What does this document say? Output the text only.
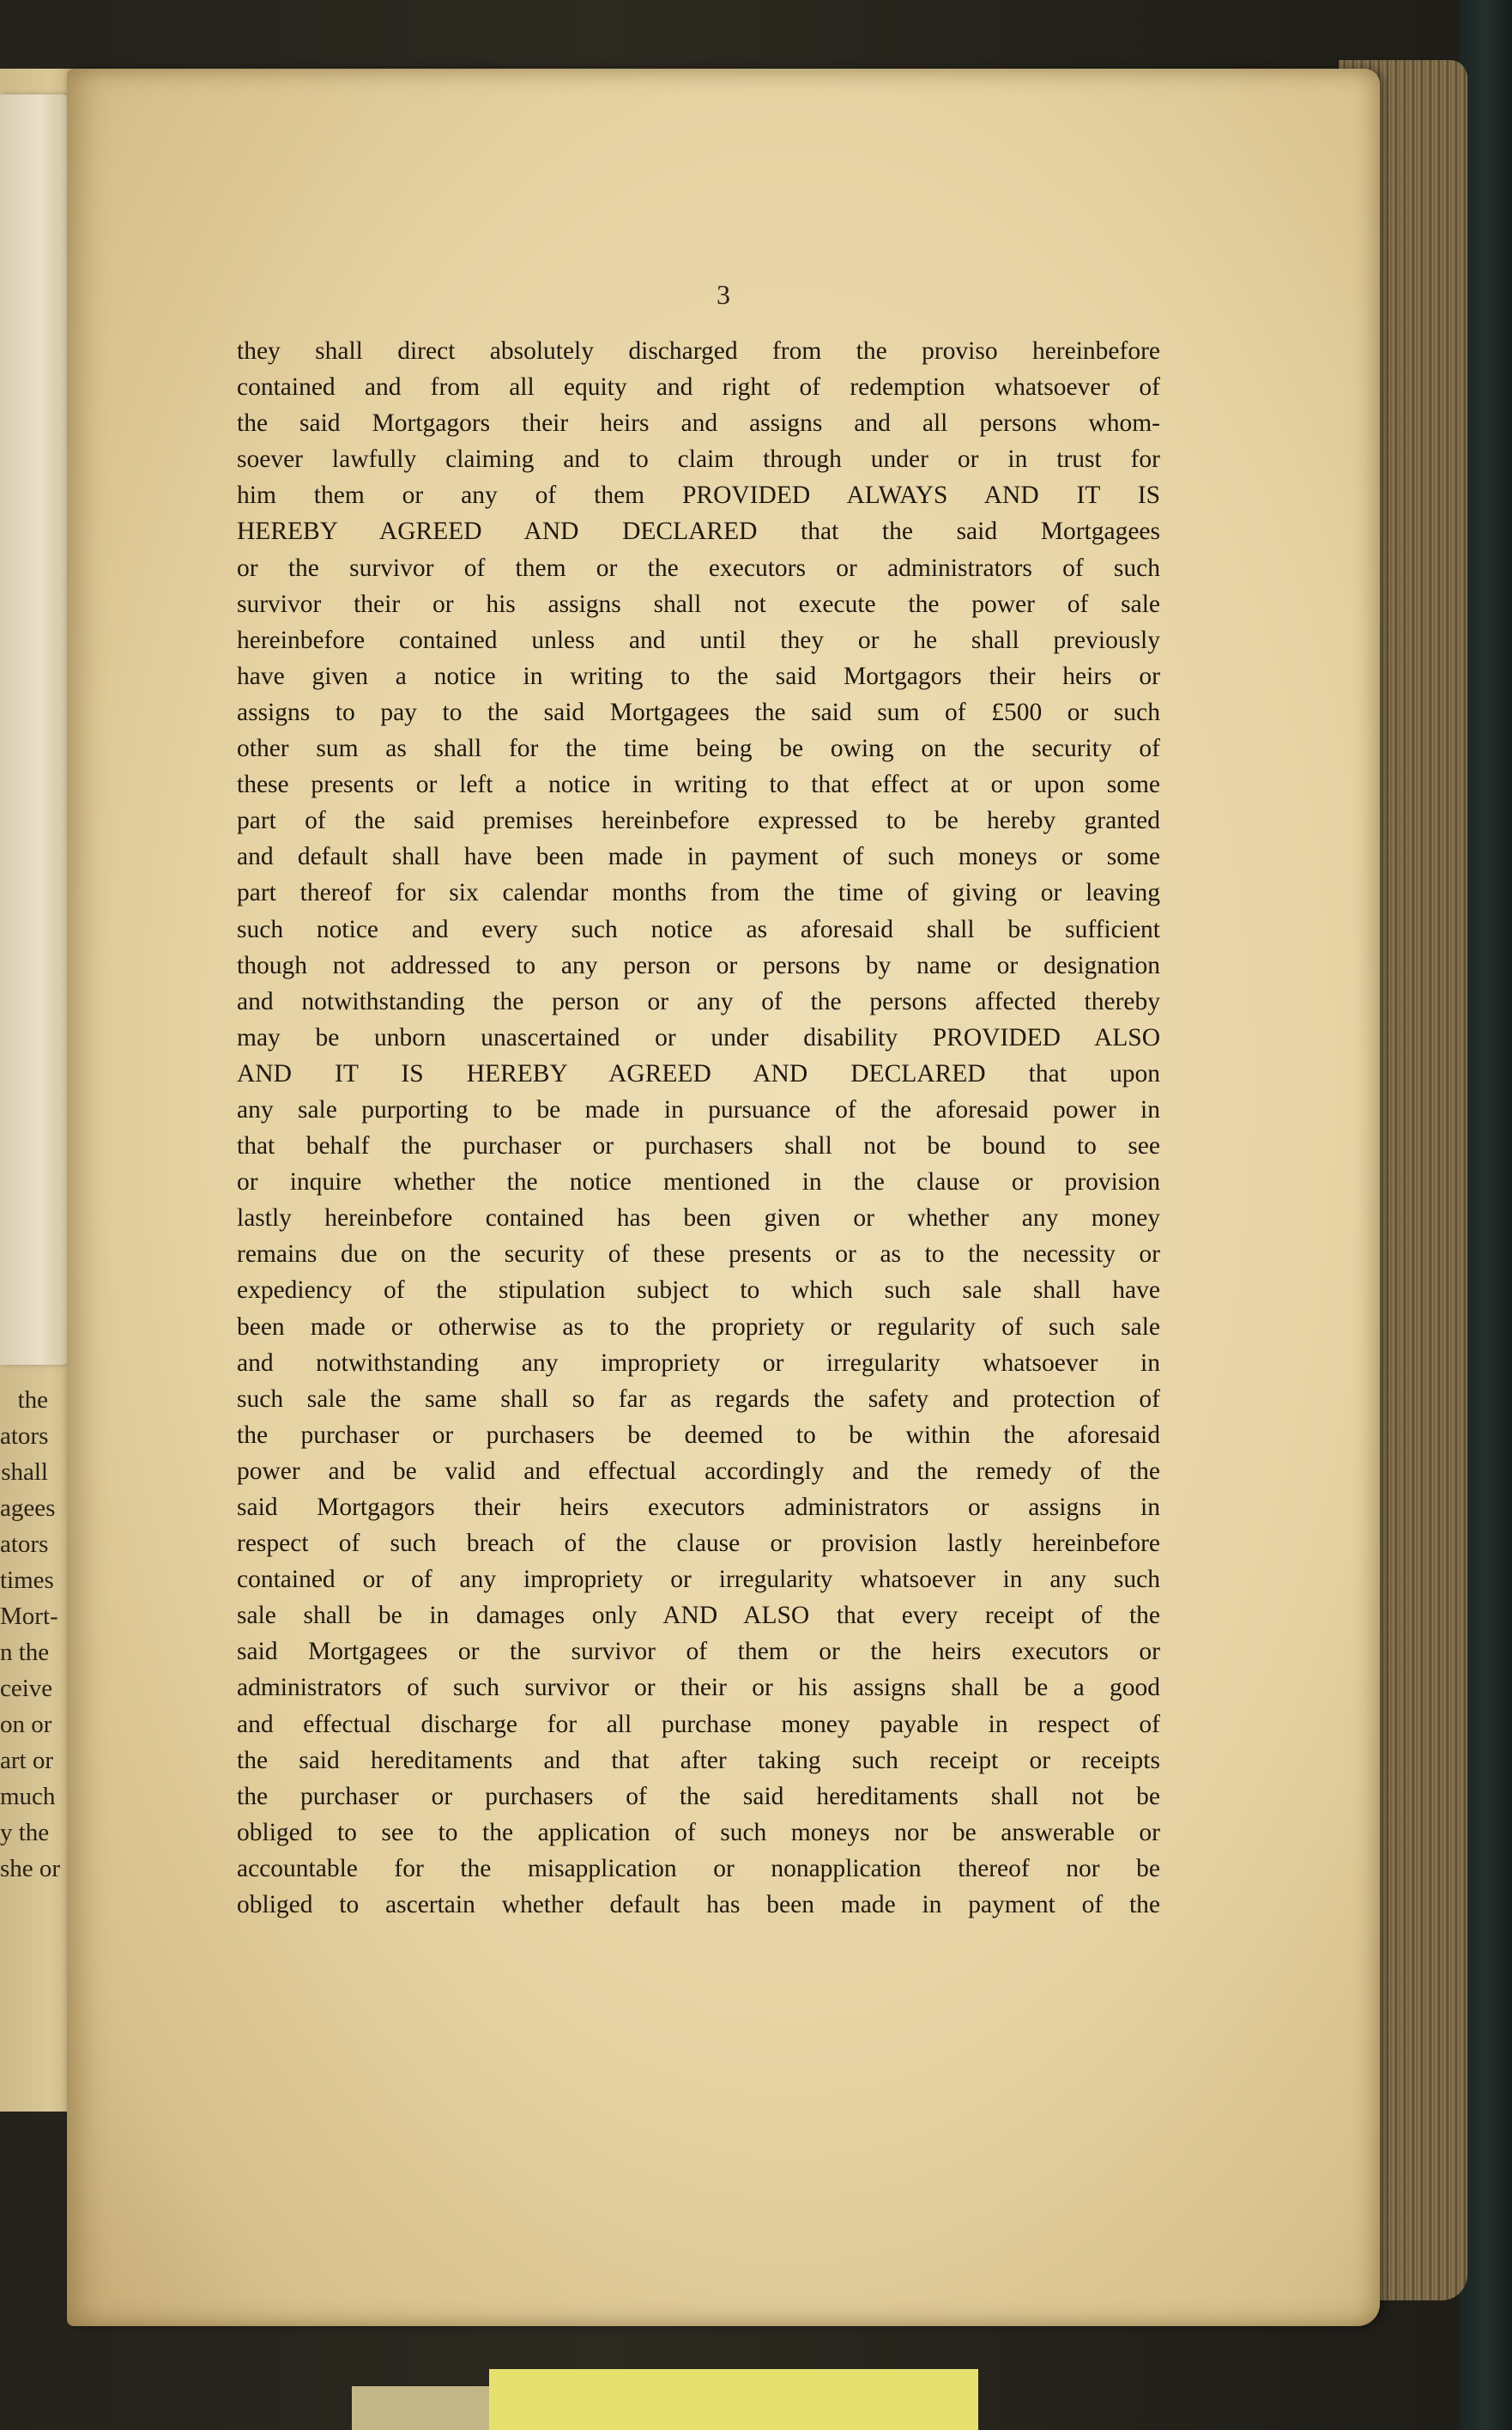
the
ators
shall
agees
ators
times
Mort-
n the
ceive
on or
art or
much
y the
she or
3
they shall direct absolutely discharged from the proviso hereinbefore
contained and from all equity and right of redemption whatsoever of
the said Mortgagors their heirs and assigns and all persons whom-
soever lawfully claiming and to claim through under or in trust for
him them or any of them PROVIDED ALWAYS AND IT IS
HEREBY AGREED AND DECLARED that the said Mortgagees
or the survivor of them or the executors or administrators of such
survivor their or his assigns shall not execute the power of sale
hereinbefore contained unless and until they or he shall previously
have given a notice in writing to the said Mortgagors their heirs or
assigns to pay to the said Mortgagees the said sum of £500 or such
other sum as shall for the time being be owing on the security of
these presents or left a notice in writing to that effect at or upon some
part of the said premises hereinbefore expressed to be hereby granted
and default shall have been made in payment of such moneys or some
part thereof for six calendar months from the time of giving or leaving
such notice and every such notice as aforesaid shall be sufficient
though not addressed to any person or persons by name or designation
and notwithstanding the person or any of the persons affected thereby
may be unborn unascertained or under disability PROVIDED ALSO
AND IT IS HEREBY AGREED AND DECLARED that upon
any sale purporting to be made in pursuance of the aforesaid power in
that behalf the purchaser or purchasers shall not be bound to see
or inquire whether the notice mentioned in the clause or provision
lastly hereinbefore contained has been given or whether any money
remains due on the security of these presents or as to the necessity or
expediency of the stipulation subject to which such sale shall have
been made or otherwise as to the propriety or regularity of such sale
and notwithstanding any impropriety or irregularity whatsoever in
such sale the same shall so far as regards the safety and protection of
the purchaser or purchasers be deemed to be within the aforesaid
power and be valid and effectual accordingly and the remedy of the
said Mortgagors their heirs executors administrators or assigns in
respect of such breach of the clause or provision lastly hereinbefore
contained or of any impropriety or irregularity whatsoever in any such
sale shall be in damages only AND ALSO that every receipt of the
said Mortgagees or the survivor of them or the heirs executors or
administrators of such survivor or their or his assigns shall be a good
and effectual discharge for all purchase money payable in respect of
the said hereditaments and that after taking such receipt or receipts
the purchaser or purchasers of the said hereditaments shall not be
obliged to see to the application of such moneys nor be answerable or
accountable for the misapplication or nonapplication thereof nor be
obliged to ascertain whether default has been made in payment of the
